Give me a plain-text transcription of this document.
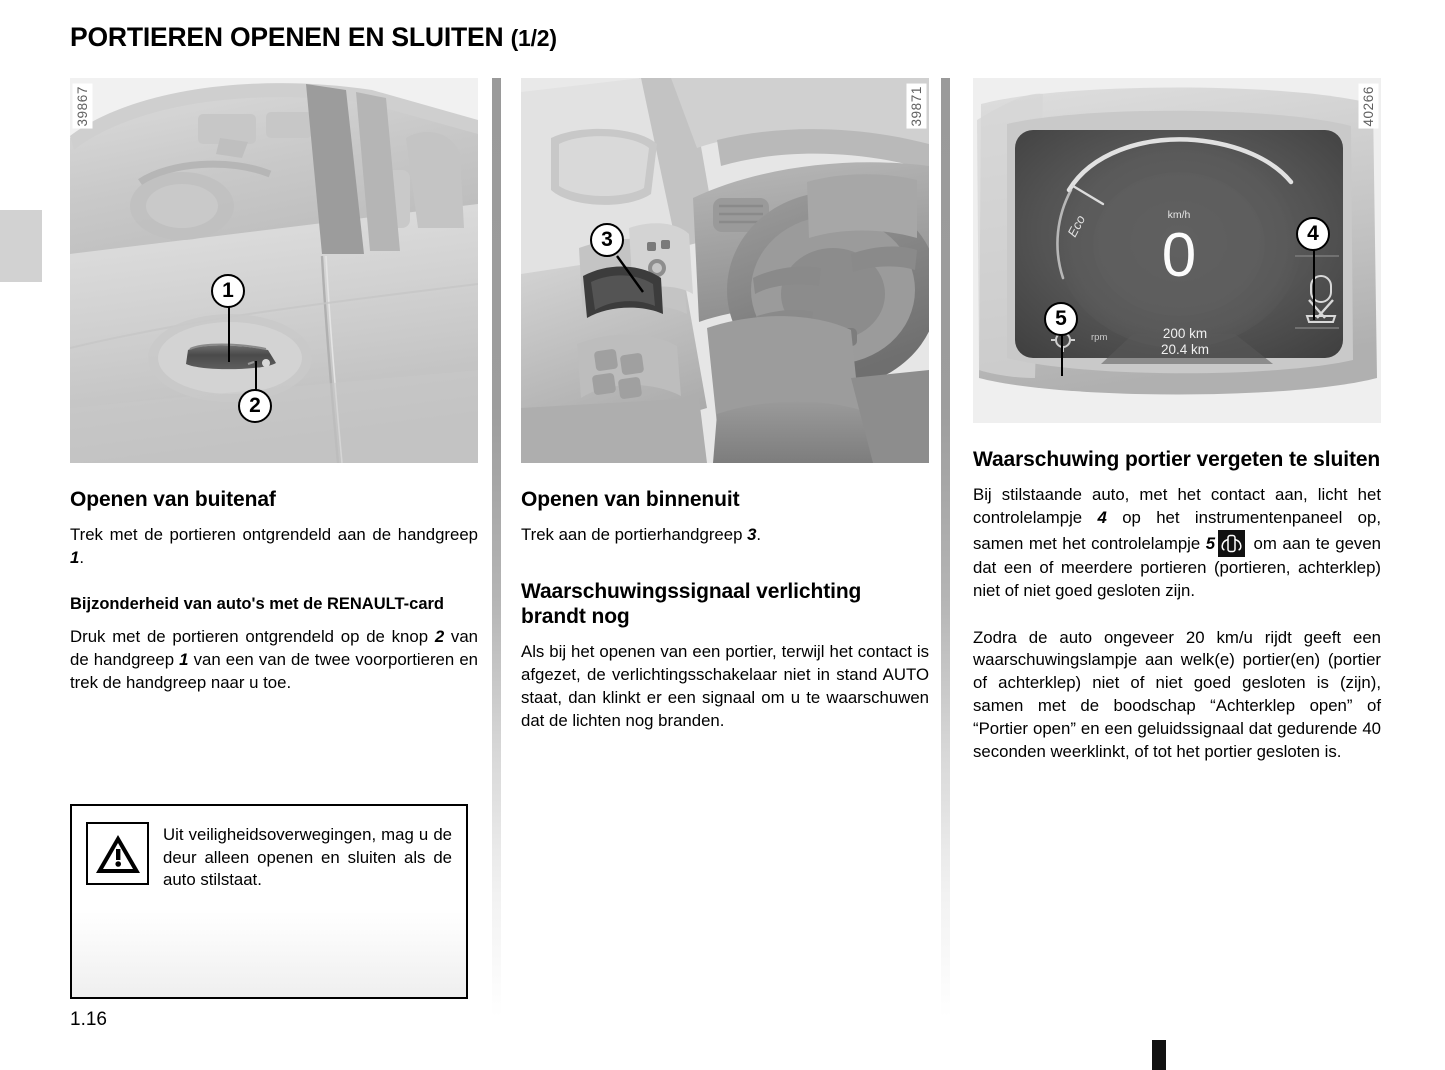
PORTIEREN OPENEN EN SLUITEN (1/2)
39867
1
2
Openen van buitenaf

Trek met de portieren ontgrendeld aan de handgreep 1.

Bijzonderheid van auto's met de RENAULT-card

Druk met de portieren ontgrendeld op de knop 2 van de handgreep 1 van een van de twee voorportieren en trek de handgreep naar u toe.

39871
3
Openen van binnenuit

Trek aan de portierhandgreep 3.

Waarschuwingssignaal verlichting brandt nog

Als bij het openen van een portier, terwijl het contact is afgezet, de verlichtingsschakelaar niet in stand AUTO staat, dan klinkt er een signaal om u te waarschuwen dat de lichten nog branden.

Eco
rpm
km/h
0
200 km
20.4 km
40266
4
5
Waarschuwing portier vergeten te sluiten

Bij stilstaande auto, met het contact aan, licht het controlelampje 4 op het instrumentenpaneel op, samen met het controlelampje 5
om aan te geven dat een of meerdere portieren (portieren, achterklep) niet of niet goed gesloten zijn.

Zodra de auto ongeveer 20 km/u rijdt geeft een waarschuwingslampje aan welk(e) portier(en) (portier of achterklep) niet of niet goed gesloten is (zijn), samen met de boodschap “Achterklep open” of “Portier open” en een geluidssignaal dat gedurende 40 seconden weerklinkt, of tot het portier gesloten is.

Uit veiligheidsoverwegingen, mag u de deur alleen openen en sluiten als de auto stilstaat.
1.16
